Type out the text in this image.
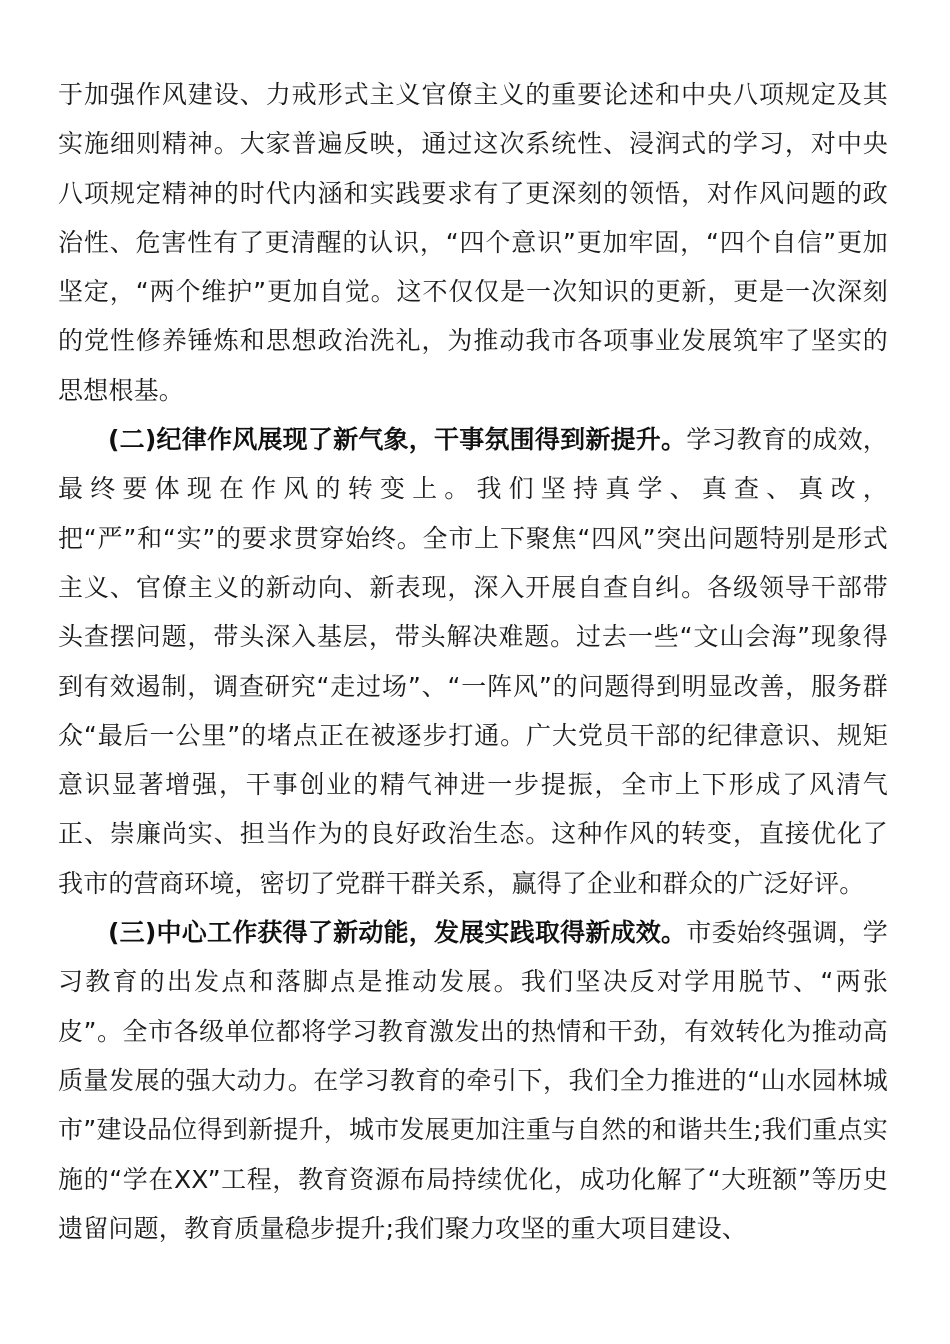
于加强作风建设、力戒形式主义官僚主义的重要论述和中央八项规定及其实施细则精神。大家普遍反映，通过这次系统性、浸润式的学习，对中央八项规定精神的时代内涵和实践要求有了更深刻的领悟，对作风问题的政治性、危害性有了更清醒的认识，“四个意识”更加牢固，“四个自信”更加坚定，“两个维护”更加自觉。这不仅仅是一次知识的更新，更是一次深刻的党性修养锤炼和思想政治洗礼，为推动我市各项事业发展筑牢了坚实的思想根基。

(二)纪律作风展现了新气象，干事氛围得到新提升。学习教育的成效，最终要体现在作风的转变上。我们坚持真学、真查、真改，把“严”和“实”的要求贯穿始终。全市上下聚焦“四风”突出问题特别是形式主义、官僚主义的新动向、新表现，深入开展自查自纠。各级领导干部带头查摆问题，带头深入基层，带头解决难题。过去一些“文山会海”现象得到有效遏制，调查研究“走过场”、“一阵风”的问题得到明显改善，服务群众“最后一公里”的堵点正在被逐步打通。广大党员干部的纪律意识、规矩意识显著增强，干事创业的精气神进一步提振，全市上下形成了风清气正、崇廉尚实、担当作为的良好政治生态。这种作风的转变，直接优化了我市的营商环境，密切了党群干群关系，赢得了企业和群众的广泛好评。

(三)中心工作获得了新动能，发展实践取得新成效。市委始终强调，学习教育的出发点和落脚点是推动发展。我们坚决反对学用脱节、“两张皮”。全市各级单位都将学习教育激发出的热情和干劲，有效转化为推动高质量发展的强大动力。在学习教育的牵引下，我们全力推进的“山水园林城市”建设品位得到新提升，城市发展更加注重与自然的和谐共生;我们重点实施的“学在XX”工程，教育资源布局持续优化，成功化解了“大班额”等历史遗留问题，教育质量稳步提升;我们聚力攻坚的重大项目建设、
